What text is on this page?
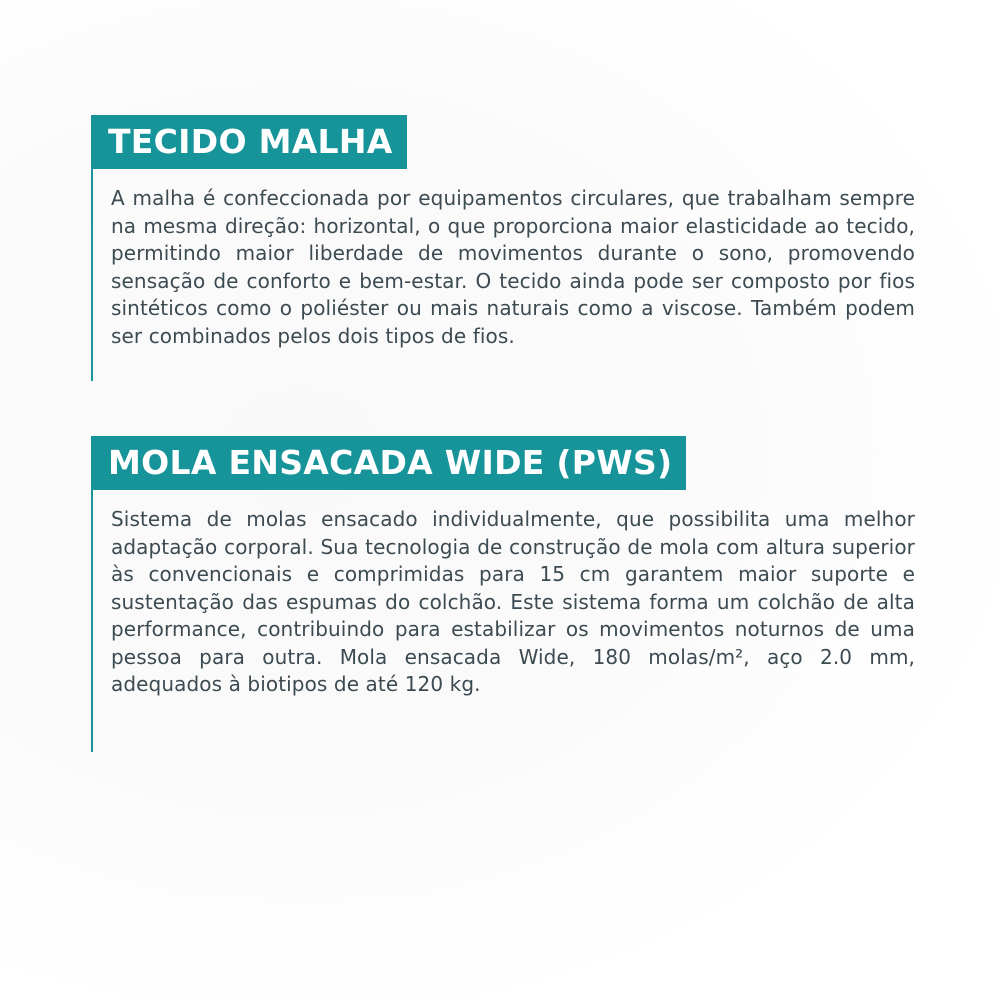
TECIDO MALHA

A malha é confeccionada por equipamentos circulares, que trabalham sempre na mesma direção: horizontal, o que proporciona maior elasticidade ao tecido, permitindo maior liberdade de movimentos durante o sono, promovendo sensação de conforto e bem-estar. O tecido ainda pode ser composto por fios sintéticos como o poliéster ou mais naturais como a viscose. Também podem ser combinados pelos dois tipos de fios.

MOLA ENSACADA WIDE (PWS)

Sistema de molas ensacado individualmente, que possibilita uma melhor adaptação corporal. Sua tecnologia de construção de mola com altura superior às convencionais e comprimidas para 15 cm garantem maior suporte e sustentação das espumas do colchão. Este sistema forma um colchão de alta performance, contribuindo para estabilizar os movimentos noturnos de uma pessoa para outra. Mola ensacada Wide, 180 molas/m², aço 2.0 mm, adequados à biotipos de até 120 kg.
